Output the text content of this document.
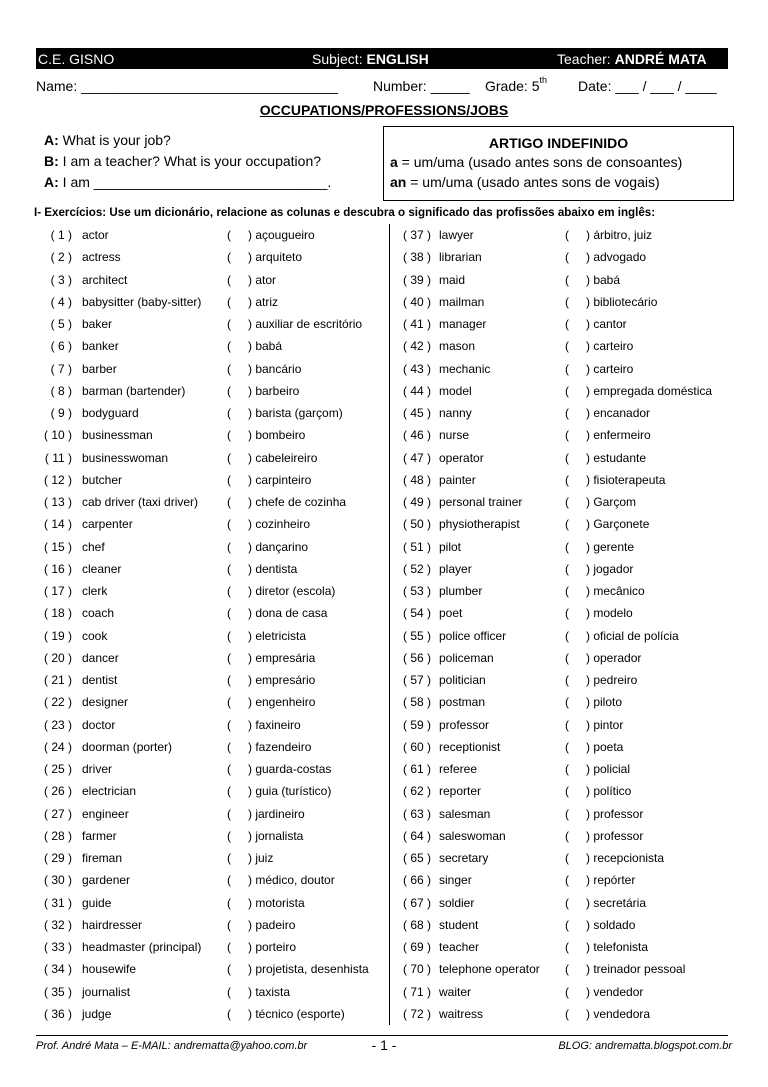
C.E. GISNO	Subject: ENGLISH	Teacher: ANDRÉ MATA
Name: _________________________________ Number: _____ Grade: 5th Date: ___ / ___ / ____
OCCUPATIONS/PROFESSIONS/JOBS
A: What is your job?
B: I am a teacher? What is your occupation?
A: I am ______________________________.
ARTIGO INDEFINIDO
a = um/uma (usado antes sons de consoantes)
an = um/uma (usado antes sons de vogais)
I- Exercícios: Use um dicionário, relacione as colunas e descubra o significado das profissões abaixo em inglês:
( 1 ) actor	( ) açougueiro
( 2 ) actress	( ) arquiteto
( 3 ) architect	( ) ator
( 4 ) babysitter (baby-sitter) ( ) atriz
( 5 ) baker	( ) auxiliar de escritório
( 6 ) banker	( ) babá
( 7 ) barber	( ) bancário
( 8 ) barman (bartender)	( ) barbeiro
( 9 ) bodyguard	( ) barista (garçom)
( 10 ) businessman	( ) bombeiro
( 11 ) businesswoman	( ) cabeleireiro
( 12 ) butcher	( ) carpinteiro
( 13 ) cab driver (taxi driver) ( ) chefe de cozinha
( 14 ) carpenter	( ) cozinheiro
( 15 ) chef	( ) dançarino
( 16 ) cleaner	( ) dentista
( 17 ) clerk	( ) diretor (escola)
( 18 ) coach	( ) dona de casa
( 19 ) cook	( ) eletricista
( 20 ) dancer	( ) empresária
( 21 ) dentist	( ) empresário
( 22 ) designer	( ) engenheiro
( 23 ) doctor	( ) faxineiro
( 24 ) doorman (porter)	( ) fazendeiro
( 25 ) driver	( ) guarda-costas
( 26 ) electrician	( ) guia (turístico)
( 27 ) engineer	( ) jardineiro
( 28 ) farmer	( ) jornalista
( 29 ) fireman	( ) juiz
( 30 ) gardener	( ) médico, doutor
( 31 ) guide	( ) motorista
( 32 ) hairdresser	( ) padeiro
( 33 ) headmaster (principal) ( ) porteiro
( 34 ) housewife	( ) projetista, desenhista
( 35 ) journalist	( ) taxista
( 36 ) judge	( ) técnico (esporte)
( 37 ) lawyer	( ) árbitro, juiz
( 38 ) librarian	( ) advogado
( 39 ) maid	( ) babá
( 40 ) mailman	( ) bibliotecário
( 41 ) manager	( ) cantor
( 42 ) mason	( ) carteiro
( 43 ) mechanic	( ) carteiro
( 44 ) model	( ) empregada doméstica
( 45 ) nanny	( ) encanador
( 46 ) nurse	( ) enfermeiro
( 47 ) operator	( ) estudante
( 48 ) painter	( ) fisioterapeuta
( 49 ) personal trainer	( ) Garçom
( 50 ) physiotherapist	( ) Garçonete
( 51 ) pilot	( ) gerente
( 52 ) player	( ) jogador
( 53 ) plumber	( ) mecânico
( 54 ) poet	( ) modelo
( 55 ) police officer	( ) oficial de polícia
( 56 ) policeman	( ) operador
( 57 ) politician	( ) pedreiro
( 58 ) postman	( ) piloto
( 59 ) professor	( ) pintor
( 60 ) receptionist	( ) poeta
( 61 ) referee	( ) policial
( 62 ) reporter	( ) político
( 63 ) salesman	( ) professor
( 64 ) saleswoman	( ) professor
( 65 ) secretary	( ) recepcionista
( 66 ) singer	( ) repórter
( 67 ) soldier	( ) secretária
( 68 ) student	( ) soldado
( 69 ) teacher	( ) telefonista
( 70 ) telephone operator ( ) treinador pessoal
( 71 ) waiter	( ) vendedor
( 72 ) waitress	( ) vendedora
Prof. André Mata – E-MAIL: andrematta@yahoo.com.br	- 1 -	BLOG: andrematta.blogspot.com.br
